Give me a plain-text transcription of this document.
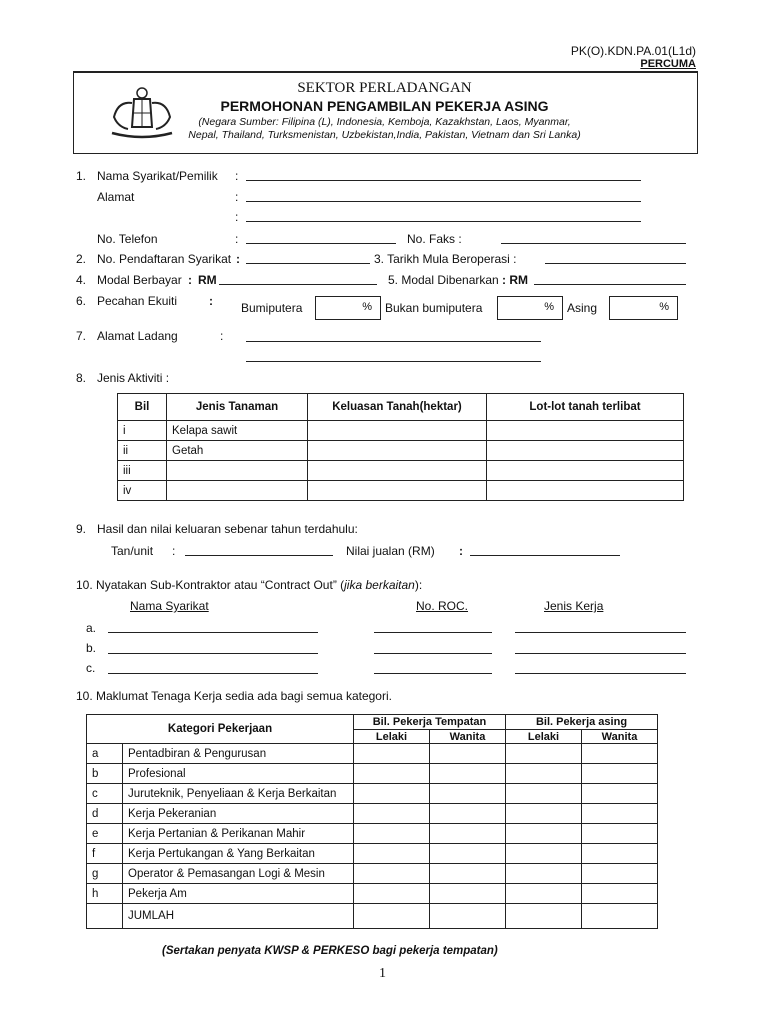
PK(O).KDN.PA.01(L1d)
PERCUMA
SEKTOR PERLADANGAN
PERMOHONAN PENGAMBILAN PEKERJA ASING
(Negara Sumber: Filipina (L), Indonesia, Kemboja, Kazakhstan, Laos, Myanmar,
Nepal, Thailand, Turksmenistan, Uzbekistan,India, Pakistan, Vietnam dan Sri Lanka)
1. Nama Syarikat/Pemilik :
Alamat	:
:
No. Telefon	:	No. Faks :
2. No. Pendaftaran Syarikat :	3. Tarikh Mula Beroperasi :
4. Modal Berbayar : RM	5. Modal Dibenarkan : RM
6. Pecahan Ekuiti	: Bumiputera	% Bukan bumiputera	% Asing	%
7. Alamat Ladang	:
8. Jenis Aktiviti :
Bil	Jenis Tanaman	Keluasan Tanah(hektar)	Lot-lot tanah terlibat
i	Kelapa sawit		
ii	Getah		
iii			
iv			
9. Hasil dan nilai keluaran sebenar tahun terdahulu:
Tan/unit :	Nilai jualan (RM) :
10. Nyatakan Sub-Kontraktor atau “Contract Out” (jika berkaitan):
Nama Syarikat	No. ROC.	Jenis Kerja
a.
b.
c.
10. Maklumat Tenaga Kerja sedia ada bagi semua kategori.
Kategori Pekerjaan		Bil. Pekerja Tempatan		Bil. Pekerja asing	
		Lelaki	Wanita	Lelaki	Wanita
a	Pentadbiran & Pengurusan				
b	Profesional				
c	Juruteknik, Penyeliaan & Kerja Berkaitan				
d	Kerja Pekeranian				
e	Kerja Pertanian & Perikanan Mahir				
f	Kerja Pertukangan & Yang Berkaitan				
g	Operator & Pemasangan Logi & Mesin				
h	Pekerja Am				
	JUMLAH				
(Sertakan penyata KWSP & PERKESO bagi pekerja tempatan)
1
